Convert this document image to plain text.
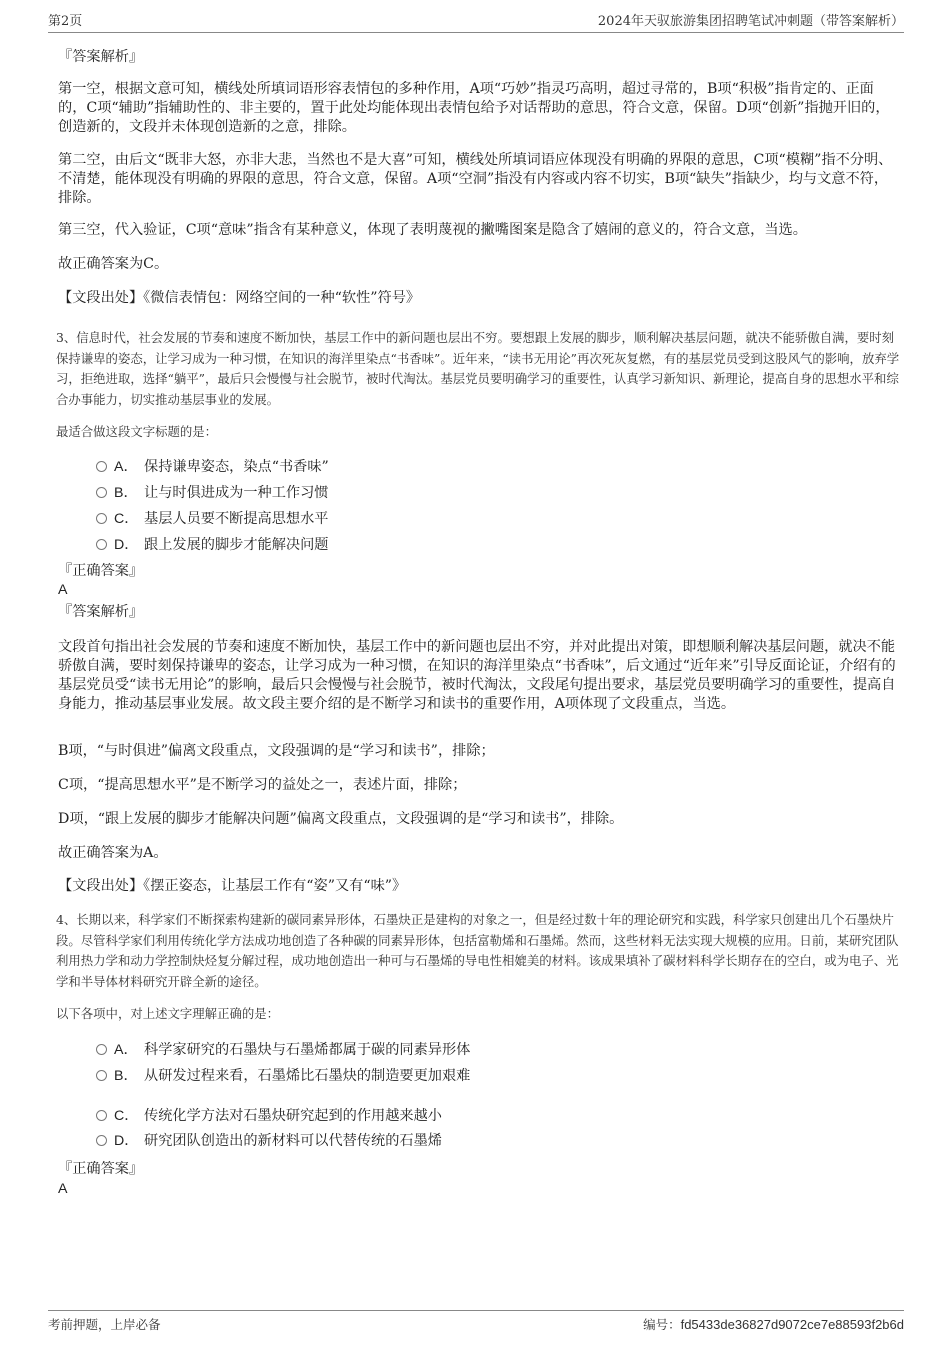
第2页	2024年天驭旅游集团招聘笔试冲刺题（带答案解析）

『答案解析』

第一空，根据文意可知，横线处所填词语形容表情包的多种作用，A项“巧妙”指灵巧高明，超过寻常的，B项“积极”指肯定的、正面的，C项“辅助”指辅助性的、非主要的，置于此处均能体现出表情包给予对话帮助的意思，符合文意，保留。D项“创新”指抛开旧的，创造新的，文段并未体现创造新的之意，排除。

第二空，由后文“既非大怒，亦非大悲，当然也不是大喜”可知，横线处所填词语应体现没有明确的界限的意思，C项“模糊”指不分明、不清楚，能体现没有明确的界限的意思，符合文意，保留。A项“空洞”指没有内容或内容不切实，B项“缺失”指缺少，均与文意不符，排除。

第三空，代入验证，C项“意味”指含有某种意义，体现了表明蔑视的撇嘴图案是隐含了嬉闹的意义的，符合文意，当选。

故正确答案为C。

【文段出处】《微信表情包：网络空间的一种“软性”符号》

3、信息时代，社会发展的节奏和速度不断加快，基层工作中的新问题也层出不穷。要想跟上发展的脚步，顺利解决基层问题，就决不能骄傲自满，要时刻保持谦卑的姿态，让学习成为一种习惯，在知识的海洋里染点“书香味”。近年来，“读书无用论”再次死灰复燃，有的基层党员受到这股风气的影响，放弃学习，拒绝进取，选择“躺平”，最后只会慢慢与社会脱节，被时代淘汰。基层党员要明确学习的重要性，认真学习新知识、新理论，提高自身的思想水平和综合办事能力，切实推动基层事业的发展。

最适合做这段文字标题的是：

A． 保持谦卑姿态，染点“书香味”
B． 让与时俱进成为一种工作习惯
C． 基层人员要不断提高思想水平
D． 跟上发展的脚步才能解决问题

『正确答案』

A

『答案解析』

文段首句指出社会发展的节奏和速度不断加快，基层工作中的新问题也层出不穷，并对此提出对策，即想顺利解决基层问题，就决不能骄傲自满，要时刻保持谦卑的姿态，让学习成为一种习惯，在知识的海洋里染点“书香味”，后文通过“近年来”引导反面论证，介绍有的基层党员受“读书无用论”的影响，最后只会慢慢与社会脱节，被时代淘汰，文段尾句提出要求，基层党员要明确学习的重要性，提高自身能力，推动基层事业发展。故文段主要介绍的是不断学习和读书的重要作用，A项体现了文段重点，当选。

B项，“与时俱进”偏离文段重点，文段强调的是“学习和读书”，排除；

C项，“提高思想水平”是不断学习的益处之一，表述片面，排除；

D项，“跟上发展的脚步才能解决问题”偏离文段重点，文段强调的是“学习和读书”，排除。

故正确答案为A。

【文段出处】《摆正姿态，让基层工作有“姿”又有“味”》

4、长期以来，科学家们不断探索构建新的碳同素异形体，石墨炔正是建构的对象之一，但是经过数十年的理论研究和实践，科学家只创建出几个石墨炔片段。尽管科学家们利用传统化学方法成功地创造了各种碳的同素异形体，包括富勒烯和石墨烯。然而，这些材料无法实现大规模的应用。日前，某研究团队利用热力学和动力学控制炔烃复分解过程，成功地创造出一种可与石墨烯的导电性相媲美的材料。该成果填补了碳材料科学长期存在的空白，或为电子、光学和半导体材料研究开辟全新的途径。

以下各项中，对上述文字理解正确的是：

A． 科学家研究的石墨炔与石墨烯都属于碳的同素异形体
B． 从研发过程来看，石墨烯比石墨炔的制造要更加艰难
C． 传统化学方法对石墨炔研究起到的作用越来越小
D． 研究团队创造出的新材料可以代替传统的石墨烯

『正确答案』

A
考前押题，上岸必备	编号：fd5433de36827d9072ce7e88593f2b6d
